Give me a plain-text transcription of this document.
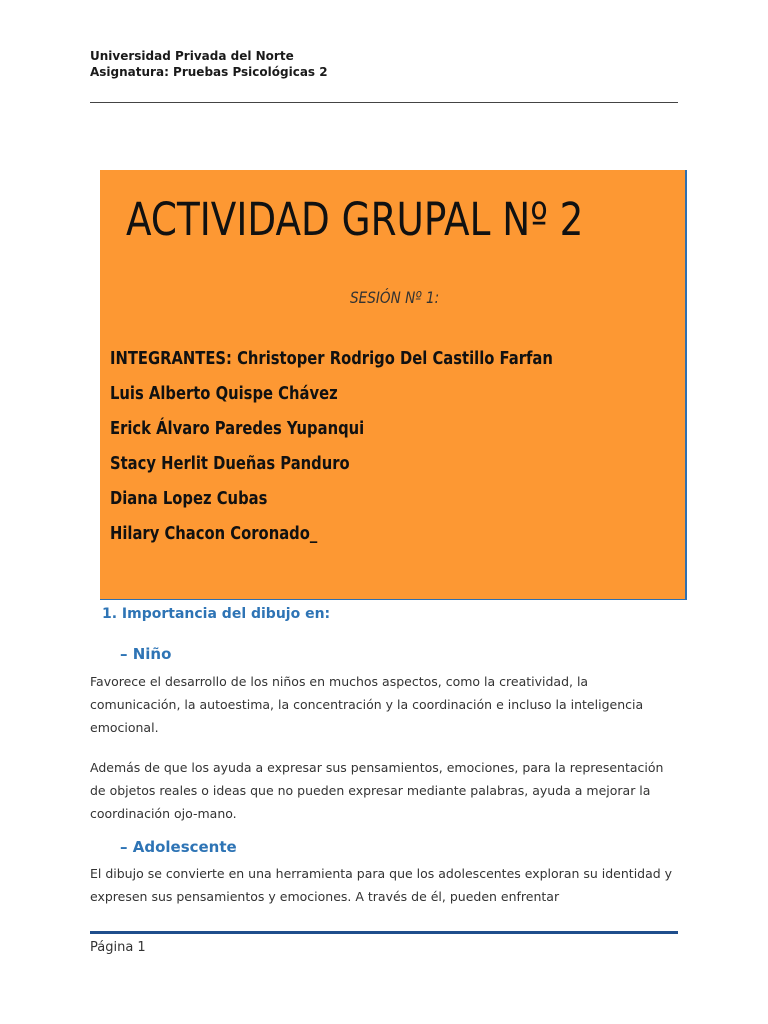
Universidad Privada del Norte
Asignatura: Pruebas Psicológicas 2
ACTIVIDAD GRUPAL Nº 2
SESIÓN Nº 1:
INTEGRANTES: Christoper Rodrigo Del Castillo Farfan
Luis Alberto Quispe Chávez
Erick Álvaro Paredes Yupanqui
Stacy Herlit Dueñas Panduro
Diana Lopez Cubas
Hilary Chacon Coronado_
1. Importancia del dibujo en:
– Niño
Favorece el desarrollo de los niños en muchos aspectos, como la creatividad, la comunicación, la autoestima, la concentración y la coordinación e incluso la inteligencia emocional.
Además de que los ayuda a expresar sus pensamientos, emociones, para la representación de objetos reales o ideas que no pueden expresar mediante palabras, ayuda a mejorar la coordinación ojo-mano.
– Adolescente
El dibujo se convierte en una herramienta para que los adolescentes exploran su identidad y expresen sus pensamientos y emociones. A través de él, pueden enfrentar
Página 1
